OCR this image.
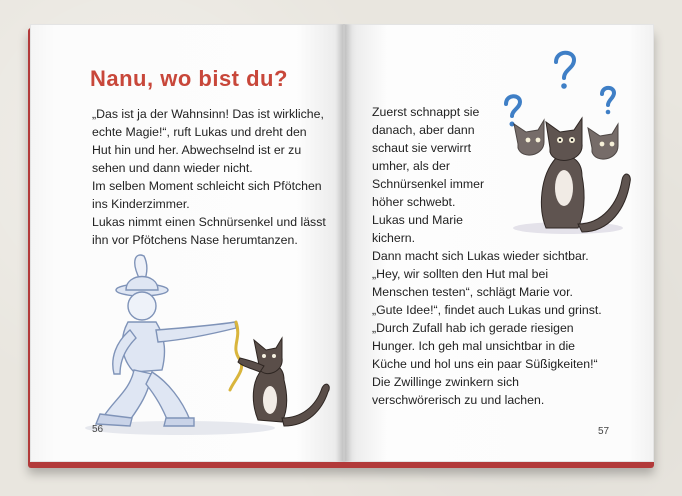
Nanu, wo bist du?

„Das ist ja der Wahnsinn! Das ist wirkliche,
echte Magie!“, ruft Lukas und dreht den
Hut hin und her. Abwechselnd ist er zu
sehen und dann wieder nicht.
Im selben Moment schleicht sich Pfötchen
ins Kinderzimmer.
Lukas nimmt einen Schnürsenkel und lässt
ihn vor Pfötchens Nase herumtanzen.

56

Zuerst schnappt sie
danach, aber dann
schaut sie verwirrt
umher, als der
Schnürsenkel immer
höher schwebt.
Lukas und Marie
kichern.
Dann macht sich Lukas wieder sichtbar.
„Hey, wir sollten den Hut mal bei
Menschen testen“, schlägt Marie vor.
„Gute Idee!“, findet auch Lukas und grinst.
„Durch Zufall hab ich gerade riesigen
Hunger. Ich geh mal unsichtbar in die
Küche und hol uns ein paar Süßigkeiten!“
Die Zwillinge zwinkern sich
verschwörerisch zu und lachen.

57
